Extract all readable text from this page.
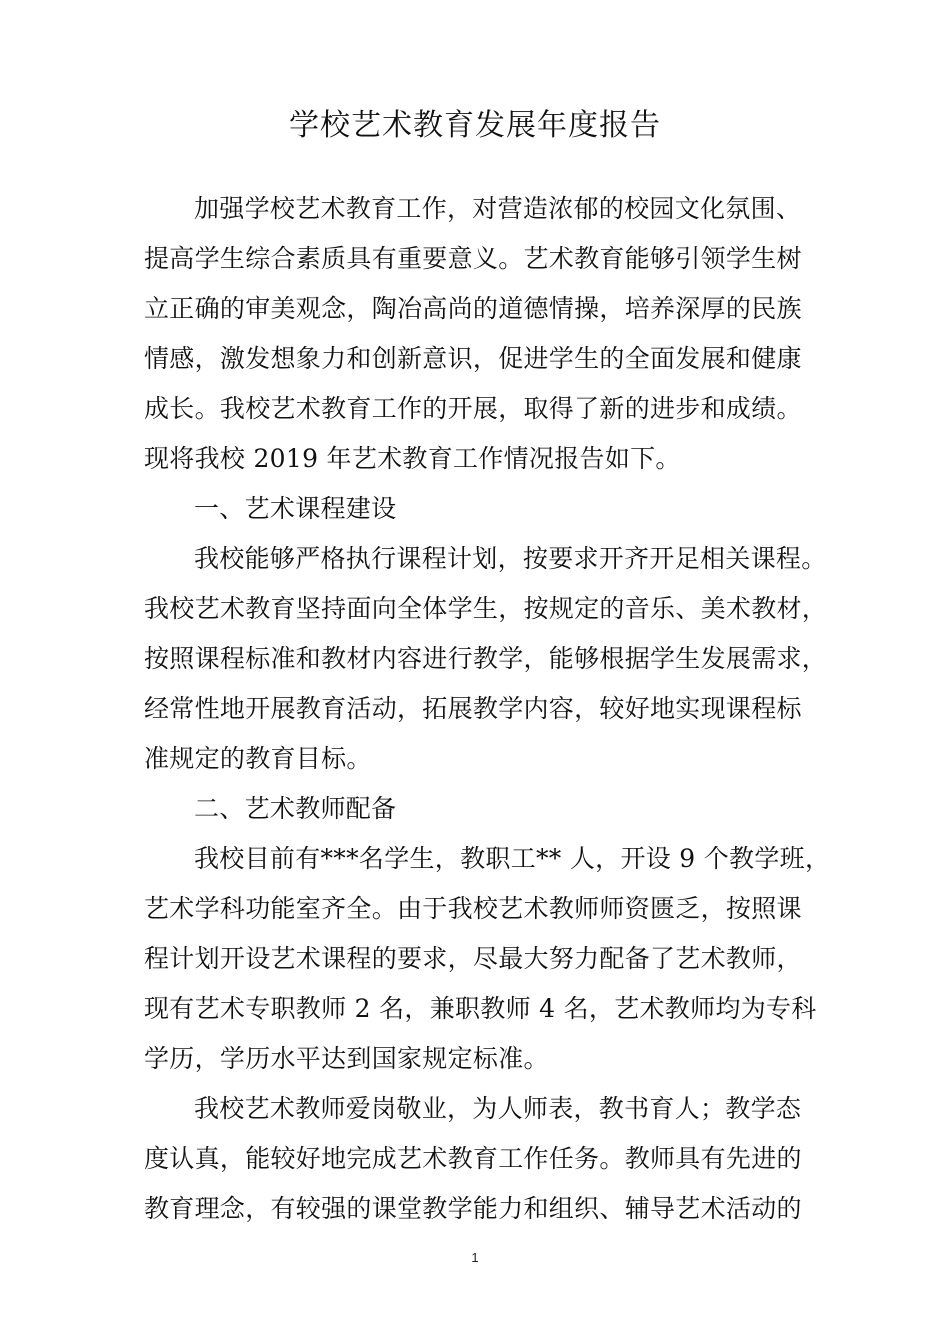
学校艺术教育发展年度报告
加强学校艺术教育工作，对营造浓郁的校园文化氛围、
提高学生综合素质具有重要意义。艺术教育能够引领学生树
立正确的审美观念，陶冶高尚的道德情操，培养深厚的民族
情感，激发想象力和创新意识，促进学生的全面发展和健康
成长。我校艺术教育工作的开展，取得了新的进步和成绩。
现将我校 2019 年艺术教育工作情况报告如下。
一、艺术课程建设
我校能够严格执行课程计划，按要求开齐开足相关课程。
我校艺术教育坚持面向全体学生，按规定的音乐、美术教材，
按照课程标准和教材内容进行教学，能够根据学生发展需求，
经常性地开展教育活动，拓展教学内容，较好地实现课程标
准规定的教育目标。
二、艺术教师配备
我校目前有***名学生，教职工** 人，开设 9 个教学班，
艺术学科功能室齐全。由于我校艺术教师师资匮乏，按照课
程计划开设艺术课程的要求，尽最大努力配备了艺术教师，
现有艺术专职教师 2 名，兼职教师 4 名，艺术教师均为专科
学历，学历水平达到国家规定标准。
我校艺术教师爱岗敬业，为人师表，教书育人；教学态
度认真，能较好地完成艺术教育工作任务。教师具有先进的
教育理念，有较强的课堂教学能力和组织、辅导艺术活动的
1
